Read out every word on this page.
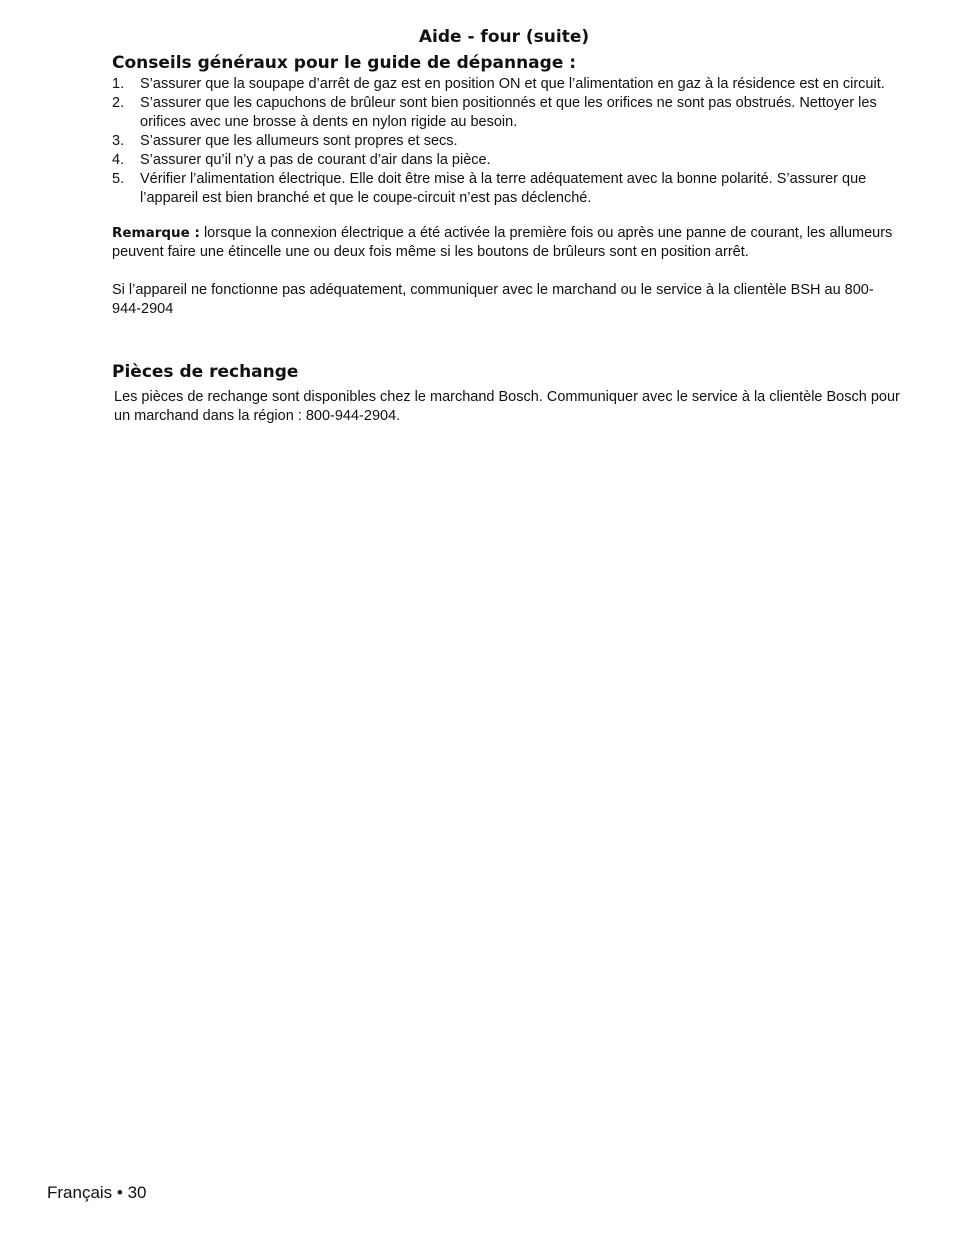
Aide - four (suite)
Conseils généraux pour le guide de dépannage :
1. S’assurer que la soupape d’arrêt de gaz est en position ON et que l’alimentation en gaz à la résidence est en circuit.
2. S’assurer que les capuchons de brûleur sont bien positionnés et que les orifices ne sont pas obstrués. Nettoyer les orifices avec une brosse à dents en nylon rigide au besoin.
3. S’assurer que les allumeurs sont propres et secs.
4. S’assurer qu’il n’y a pas de courant d’air dans la pièce.
5. Vérifier l’alimentation électrique. Elle doit être mise à la terre adéquatement avec la bonne polarité. S’assurer que l’appareil est bien branché et que le coupe-circuit n’est pas déclenché.
Remarque : lorsque la connexion électrique a été activée la première fois ou après une panne de courant, les allumeurs peuvent faire une étincelle une ou deux fois même si les boutons de brûleurs sont en position arrêt.
Si l’appareil ne fonctionne pas adéquatement, communiquer avec le marchand ou le service à la clientèle BSH au 800-944-2904
Pièces de rechange
Les pièces de rechange sont disponibles chez le marchand Bosch. Communiquer avec le service à la clientèle Bosch pour un marchand dans la région : 800-944-2904.
Français • 30
